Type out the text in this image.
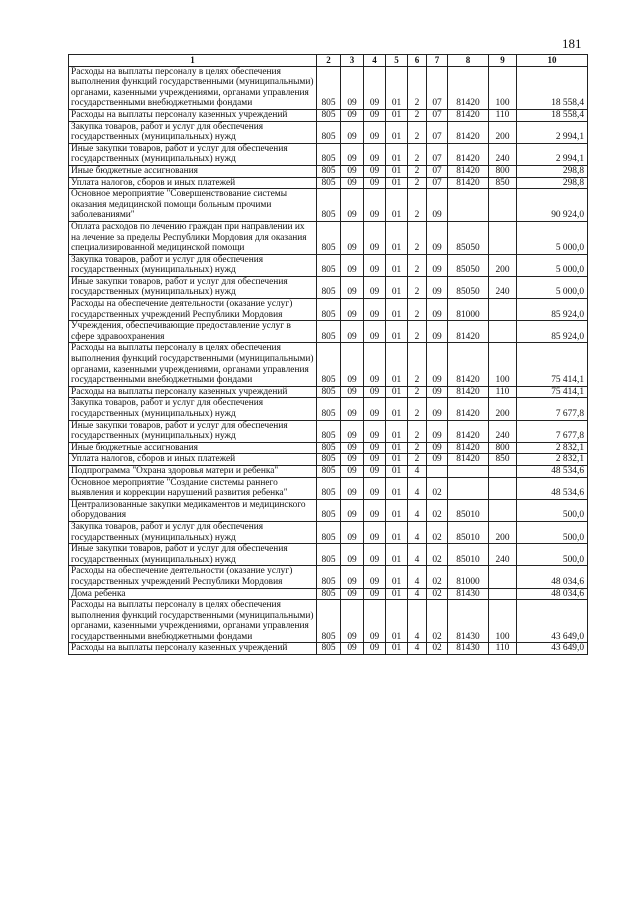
181
1	2	3	4	5	6	7	8	9	10
Расходы на выплаты персоналу в целях обеспечения выполнения функций государственными (муниципальными) органами, казенными учреждениями, органами управления государственными внебюджетными фондами	805	09	09	01	2	07	81420	100	18 558,4
Расходы на выплаты персоналу казенных учреждений	805	09	09	01	2	07	81420	110	18 558,4
Закупка товаров, работ и услуг для обеспечения государственных (муниципальных) нужд	805	09	09	01	2	07	81420	200	2 994,1
Иные закупки товаров, работ и услуг для обеспечения государственных (муниципальных) нужд	805	09	09	01	2	07	81420	240	2 994,1
Иные бюджетные ассигнования	805	09	09	01	2	07	81420	800	298,8
Уплата налогов, сборов и иных платежей	805	09	09	01	2	07	81420	850	298,8
Основное мероприятие "Совершенствование системы оказания медицинской помощи больным прочими заболеваниями"	805	09	09	01	2	09			90 924,0
Оплата расходов по лечению граждан при направлении их на лечение за пределы Республики Мордовия для оказания специализированной медицинской помощи	805	09	09	01	2	09	85050		5 000,0
Закупка товаров, работ и услуг для обеспечения государственных (муниципальных) нужд	805	09	09	01	2	09	85050	200	5 000,0
Иные закупки товаров, работ и услуг для обеспечения государственных (муниципальных) нужд	805	09	09	01	2	09	85050	240	5 000,0
Расходы на обеспечение деятельности (оказание услуг) государственных учреждений Республики Мордовия	805	09	09	01	2	09	81000		85 924,0
Учреждения, обеспечивающие предоставление услуг в сфере здравоохранения	805	09	09	01	2	09	81420		85 924,0
Расходы на выплаты персоналу в целях обеспечения выполнения функций государственными (муниципальными) органами, казенными учреждениями, органами управления государственными внебюджетными фондами	805	09	09	01	2	09	81420	100	75 414,1
Расходы на выплаты персоналу казенных учреждений	805	09	09	01	2	09	81420	110	75 414,1
Закупка товаров, работ и услуг для обеспечения государственных (муниципальных) нужд	805	09	09	01	2	09	81420	200	7 677,8
Иные закупки товаров, работ и услуг для обеспечения государственных (муниципальных) нужд	805	09	09	01	2	09	81420	240	7 677,8
Иные бюджетные ассигнования	805	09	09	01	2	09	81420	800	2 832,1
Уплата налогов, сборов и иных платежей	805	09	09	01	2	09	81420	850	2 832,1
Подпрограмма "Охрана здоровья матери и ребенка"	805	09	09	01	4				48 534,6
Основное мероприятие "Создание системы раннего выявления и коррекции нарушений развития ребенка"	805	09	09	01	4	02			48 534,6
Централизованные закупки медикаментов и медицинского оборудования	805	09	09	01	4	02	85010		500,0
Закупка товаров, работ и услуг для обеспечения государственных (муниципальных) нужд	805	09	09	01	4	02	85010	200	500,0
Иные закупки товаров, работ и услуг для обеспечения государственных (муниципальных) нужд	805	09	09	01	4	02	85010	240	500,0
Расходы на обеспечение деятельности (оказание услуг) государственных учреждений Республики Мордовия	805	09	09	01	4	02	81000		48 034,6
Дома ребенка	805	09	09	01	4	02	81430		48 034,6
Расходы на выплаты персоналу в целях обеспечения выполнения функций государственными (муниципальными) органами, казенными учреждениями, органами управления государственными внебюджетными фондами	805	09	09	01	4	02	81430	100	43 649,0
Расходы на выплаты персоналу казенных учреждений	805	09	09	01	4	02	81430	110	43 649,0
